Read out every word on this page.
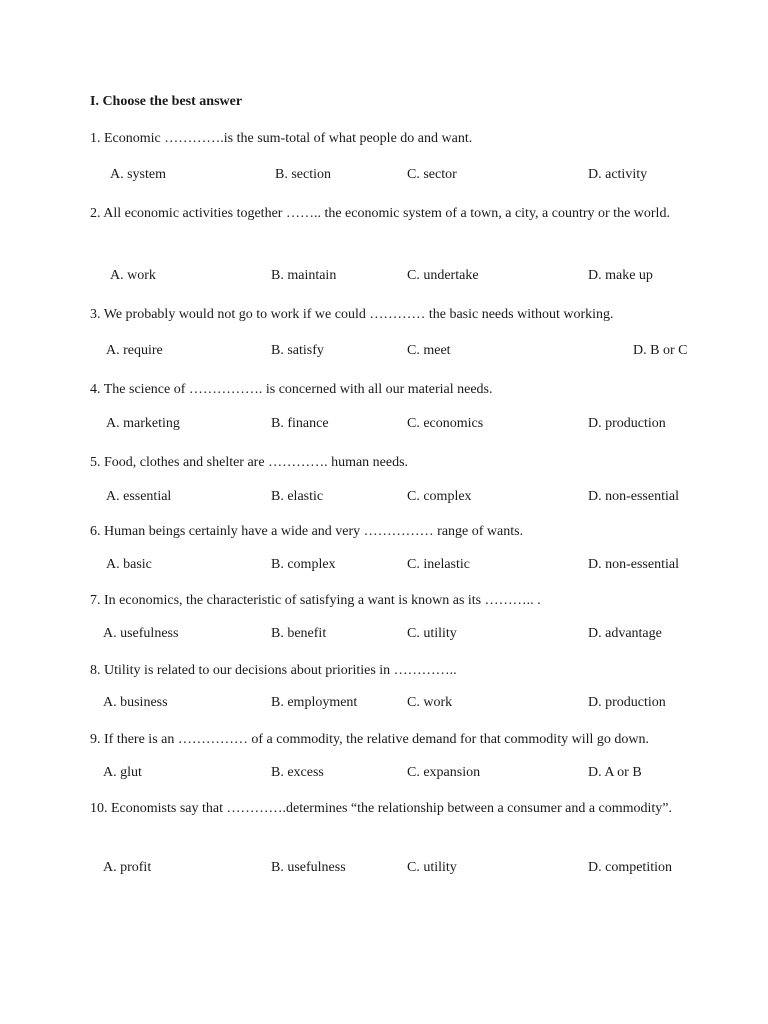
I. Choose the best answer
1. Economic ………….is the sum-total of what people do and want.
A. system	B. section	C. sector	D. activity
2. All economic activities together …….. the economic system of a town, a city, a country or the world.
A. work	B. maintain	C. undertake	D. make up
3. We probably would not go to work if we could ………… the basic needs without working.
A. require	B. satisfy	C. meet	D. B or C
4. The science of ……………. is concerned with all our material needs.
A. marketing	B. finance	C. economics	D. production
5. Food, clothes and shelter are …………. human needs.
A. essential	B. elastic	C. complex	D. non-essential
6. Human beings certainly have a wide and very …………… range of wants.
A. basic	B. complex	C. inelastic	D. non-essential
7. In economics, the characteristic of satisfying a want is known as its ……….. .
A. usefulness	B. benefit	C. utility	D. advantage
8. Utility is related to our decisions about priorities in …………..
A. business	B. employment	C. work	D. production
9. If there is an …………… of a commodity, the relative demand for that commodity will go down.
A. glut	B. excess	C. expansion	D. A or B
10. Economists say that ………….determines “the relationship between a consumer and a commodity”.
A. profit	B. usefulness	C. utility	D. competition
